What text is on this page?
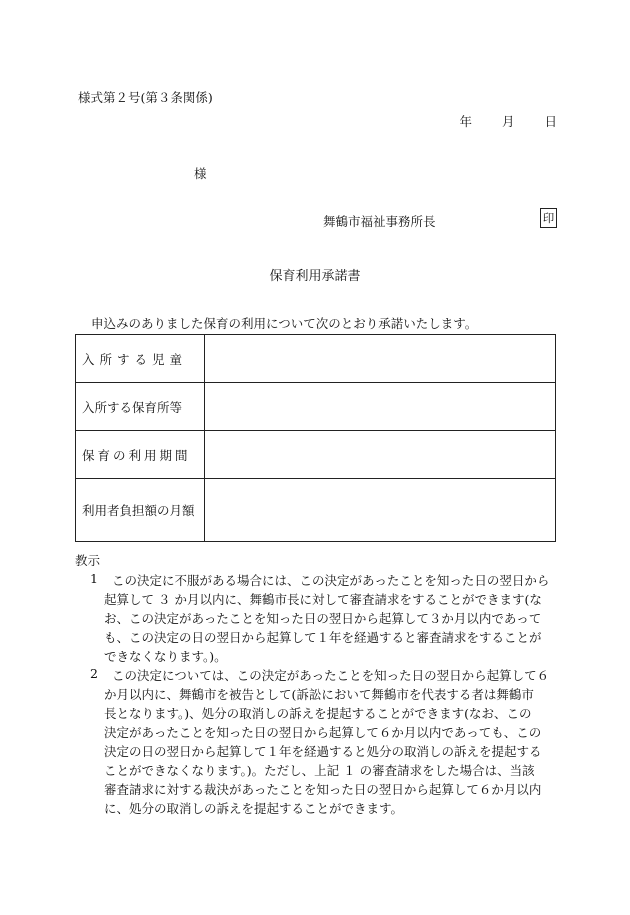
様式第２号(第３条関係)
年 月 日
様
舞鶴市福祉事務所長	印
保育利用承諾書
申込みのありました保育の利用について次のとおり承諾いたします。
入所する児童	
入所する保育所等	
保育の利用期間	
利用者負担額の月額	
教示
1	この決定に不服がある場合には、この決定があったことを知った日の翌日から
起算して ３ か月以内に、舞鶴市長に対して審査請求をすることができます(な
お、この決定があったことを知った日の翌日から起算して３か月以内であって
も、この決定の日の翌日から起算して１年を経過すると審査請求をすることが
できなくなります。)。
2	この決定については、この決定があったことを知った日の翌日から起算して６
か月以内に、舞鶴市を被告として(訴訟において舞鶴市を代表する者は舞鶴市
長となります。)、処分の取消しの訴えを提起することができます(なお、この
決定があったことを知った日の翌日から起算して６か月以内であっても、この
決定の日の翌日から起算して１年を経過すると処分の取消しの訴えを提起する
ことができなくなります。)。ただし、上記 １ の審査請求をした場合は、当該
審査請求に対する裁決があったことを知った日の翌日から起算して６か月以内
に、処分の取消しの訴えを提起することができます。
